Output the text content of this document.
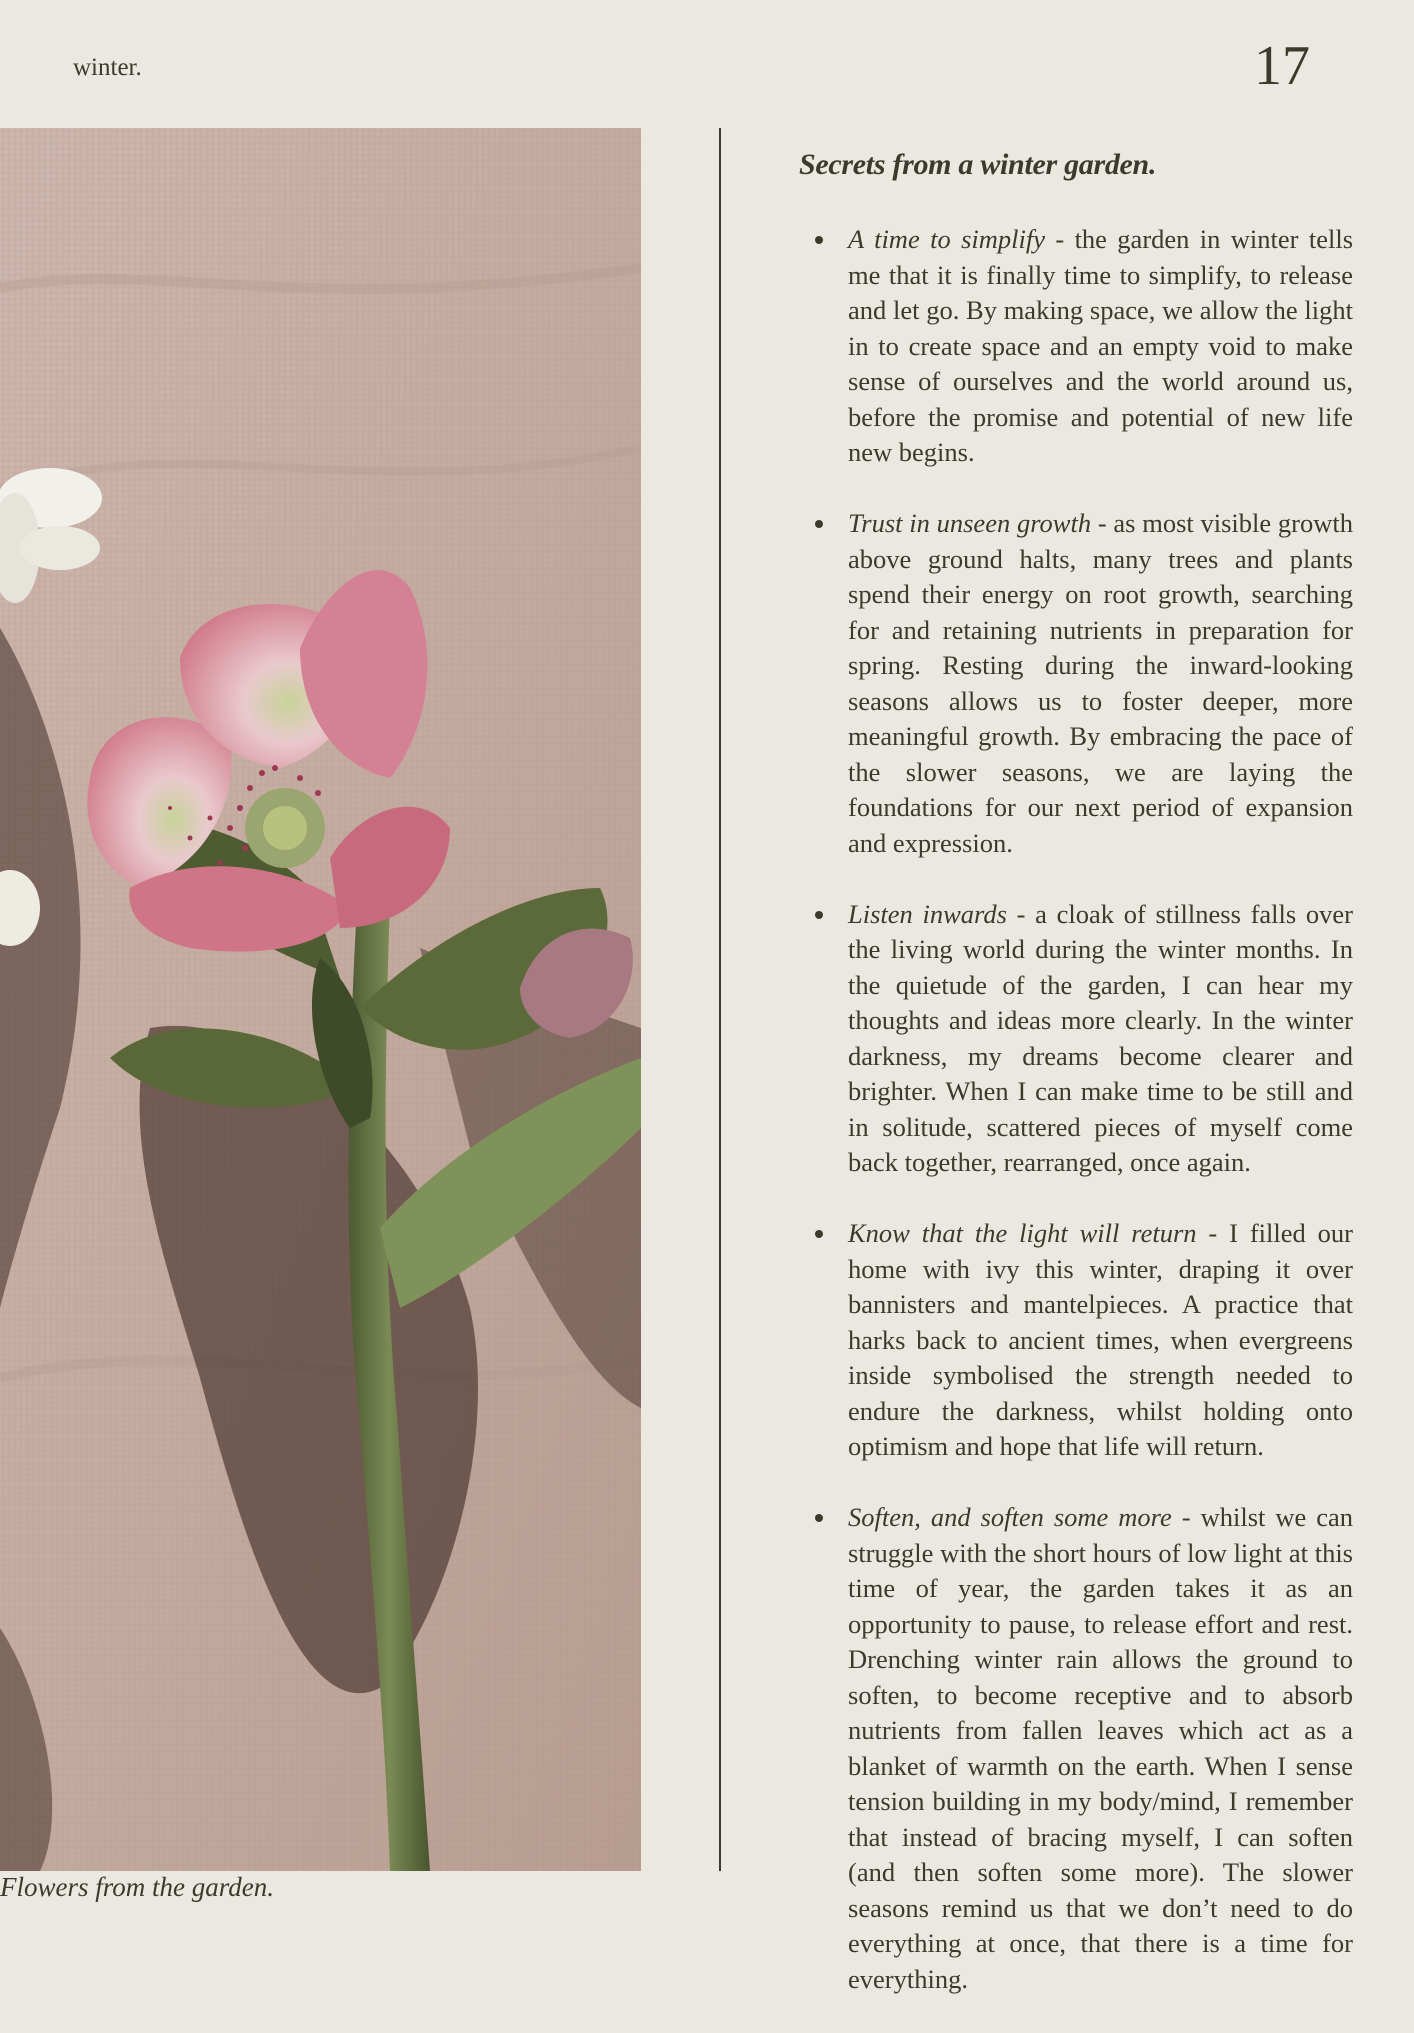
winter.	17
Flowers from the garden.
Secrets from a winter garden.
A time to simplify - the garden in winter tells me that it is finally time to simplify, to release and let go. By making space, we allow the light in to create space and an empty void to make sense of ourselves and the world around us, before the promise and potential of new life new begins.
Trust in unseen growth - as most visible growth above ground halts, many trees and plants spend their energy on root growth, searching for and retaining nutrients in preparation for spring. Resting during the inward-looking seasons allows us to foster deeper, more meaningful growth. By embracing the pace of the slower seasons, we are laying the foundations for our next period of expansion and expression.
Listen inwards - a cloak of stillness falls over the living world during the winter months. In the quietude of the garden, I can hear my thoughts and ideas more clearly. In the winter darkness, my dreams become clearer and brighter. When I can make time to be still and in solitude, scattered pieces of myself come back together, rearranged, once again.
Know that the light will return - I filled our home with ivy this winter, draping it over bannisters and mantelpieces. A practice that harks back to ancient times, when evergreens inside symbolised the strength needed to endure the darkness, whilst holding onto optimism and hope that life will return.
Soften, and soften some more - whilst we can struggle with the short hours of low light at this time of year, the garden takes it as an opportunity to pause, to release effort and rest. Drenching winter rain allows the ground to soften, to become receptive and to absorb nutrients from fallen leaves which act as a blanket of warmth on the earth. When I sense tension building in my body/mind, I remember that instead of bracing myself, I can soften (and then soften some more). The slower seasons remind us that we don’t need to do everything at once, that there is a time for everything.
